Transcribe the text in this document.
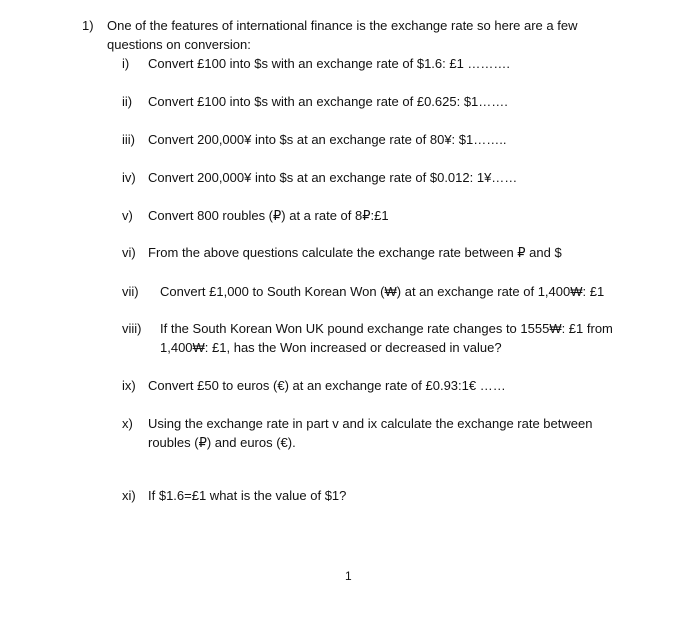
1) One of the features of international finance is the exchange rate so here are a few questions on conversion:
i) Convert £100 into $s with an exchange rate of $1.6: £1 ……….
ii) Convert £100 into $s with an exchange rate of £0.625: $1…….
iii) Convert 200,000¥ into $s at an exchange rate of 80¥: $1……..
iv) Convert 200,000¥ into $s at an exchange rate of $0.012: 1¥……
v) Convert 800 roubles (₽) at a rate of 8₽:£1
vi) From the above questions calculate the exchange rate between ₽ and $
vii) Convert £1,000 to South Korean Won (₩) at an exchange rate of 1,400₩: £1
viii) If the South Korean Won UK pound exchange rate changes to 1555₩: £1 from 1,400₩: £1, has the Won increased or decreased in value?
ix) Convert £50 to euros (€) at an exchange rate of £0.93:1€ ……
x) Using the exchange rate in part v and ix calculate the exchange rate between roubles (₽) and euros (€).
xi) If $1.6=£1 what is the value of $1?
1
